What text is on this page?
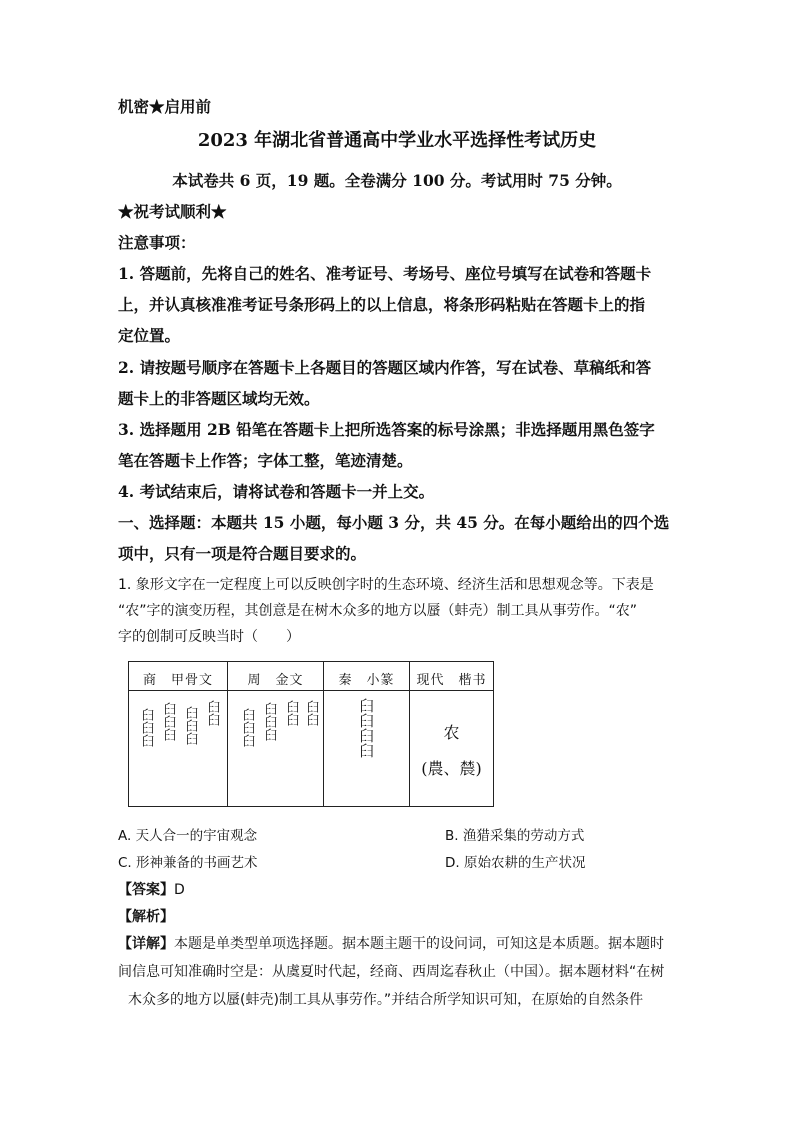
机密★启用前
2023 年湖北省普通高中学业水平选择性考试历史
本试卷共 6 页，19 题。全卷满分 100 分。考试用时 75 分钟。
★祝考试顺利★
注意事项：
1. 答题前，先将自己的姓名、准考证号、考场号、座位号填写在试卷和答题卡
上，并认真核准准考证号条形码上的以上信息，将条形码粘贴在答题卡上的指
定位置。
2. 请按题号顺序在答题卡上各题目的答题区域内作答，写在试卷、草稿纸和答
题卡上的非答题区域均无效。
3. 选择题用 2B 铅笔在答题卡上把所选答案的标号涂黑；非选择题用黑色签字
笔在答题卡上作答；字体工整，笔迹清楚。
4. 考试结束后，请将试卷和答题卡一并上交。
一、选择题：本题共 15 小题，每小题 3 分，共 45 分。在每小题给出的四个选
项中，只有一项是符合题目要求的。
1. 象形文字在一定程度上可以反映创字时的生态环境、经济生活和思想观念等。下表是
“农”字的演变历程，其创意是在树木众多的地方以蜃（蚌壳）制工具从事劳作。“农”
字的创制可反映当时（　　）
商　甲骨文
𦥑𦥑𦥑 𦥑𦥑𦥑 𦥑𦥑𦥑 𦥑𦥑
周　金文
𦥑𦥑𦥑 𦥑𦥑𦥑 𦥑𦥑 𦥑𦥑
秦　小篆
𦥑𦥑𦥑𦥑
现代　楷书
农
(農、辳)
A. 天人合一的宇宙观念	B. 渔猎采集的劳动方式
C. 形神兼备的书画艺术	D. 原始农耕的生产状况
【答案】D
【解析】
【详解】本题是单类型单项选择题。据本题主题干的设问词，可知这是本质题。据本题时
间信息可知准确时空是：从虞夏时代起，经商、西周迄春秋止（中国）。据本题材料“在树
木众多的地方以蜃(蚌壳)制工具从事劳作。”并结合所学知识可知，在原始的自然条件
